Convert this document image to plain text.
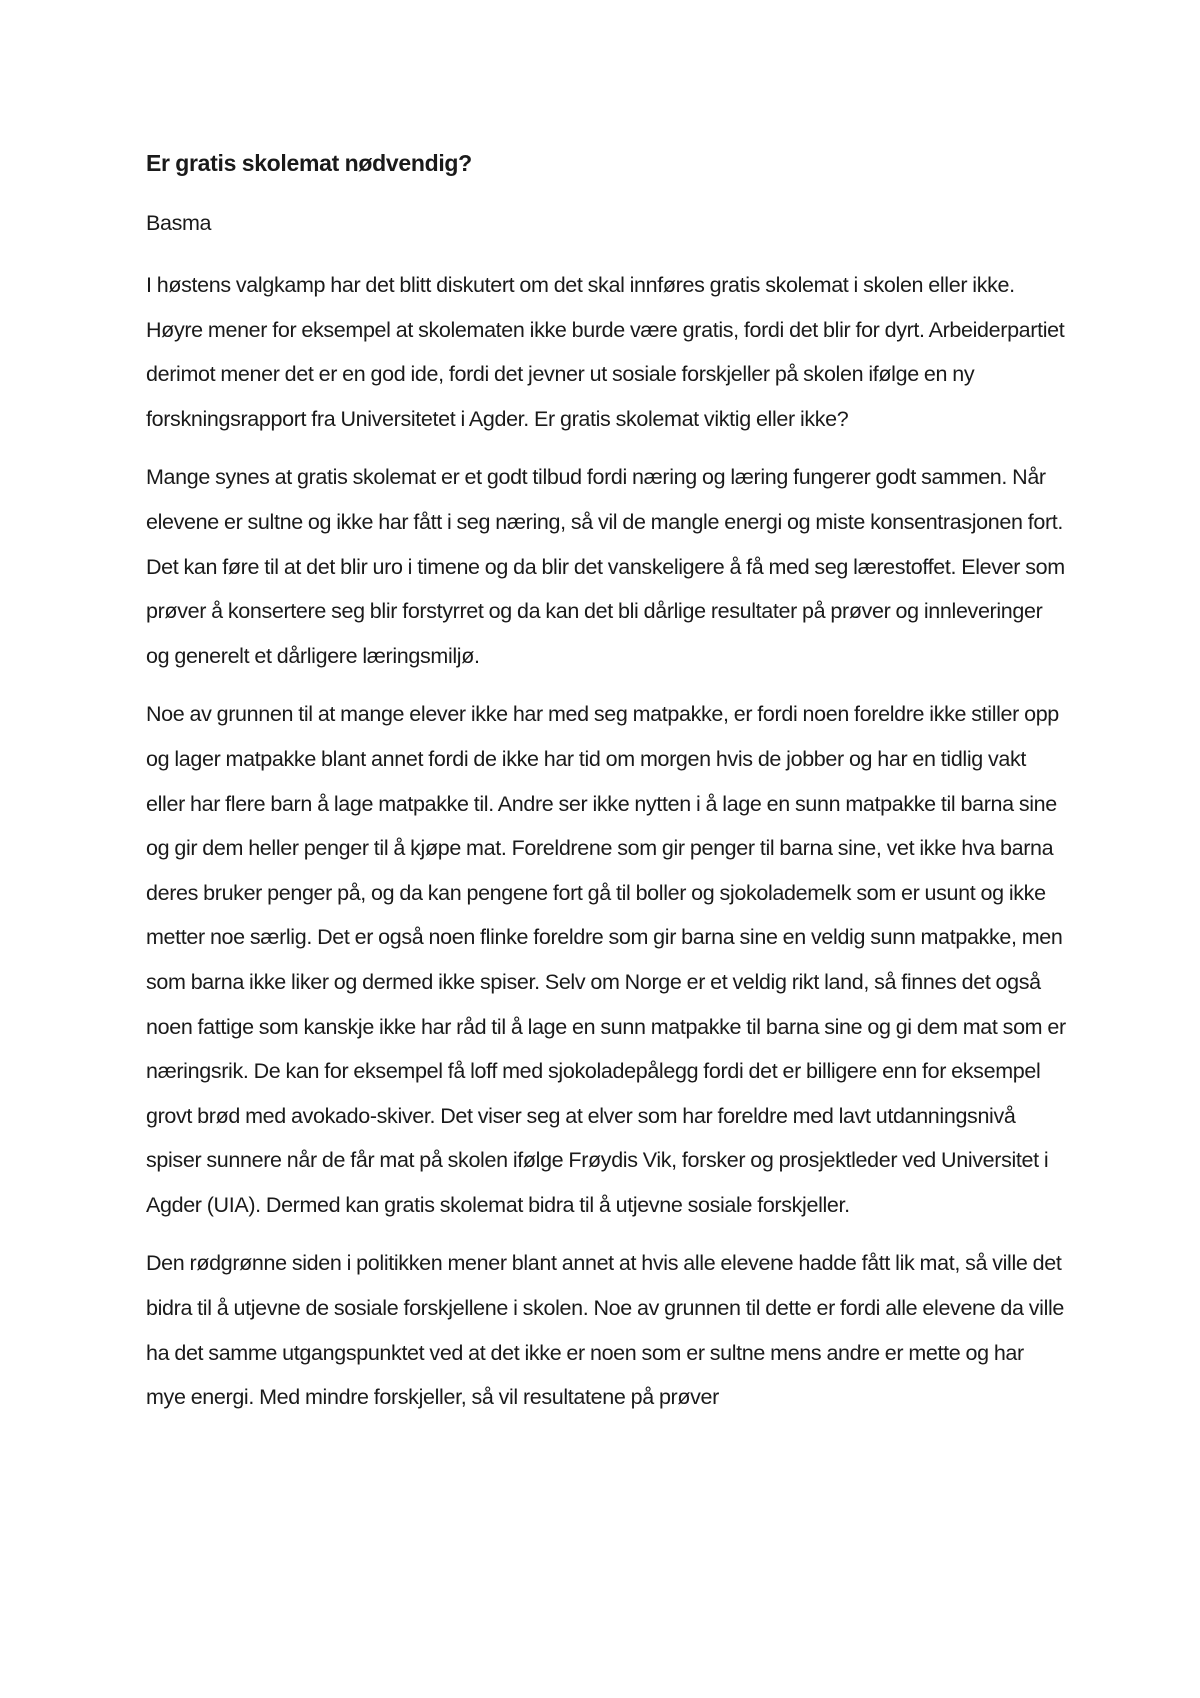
Er gratis skolemat nødvendig?

Basma

I høstens valgkamp har det blitt diskutert om det skal innføres gratis skolemat i skolen eller ikke. Høyre mener for eksempel at skolematen ikke burde være gratis, fordi det blir for dyrt. Arbeiderpartiet derimot mener det er en god ide, fordi det jevner ut sosiale forskjeller på skolen ifølge en ny forskningsrapport fra Universitetet i Agder. Er gratis skolemat viktig eller ikke?

Mange synes at gratis skolemat er et godt tilbud fordi næring og læring fungerer godt sammen. Når elevene er sultne og ikke har fått i seg næring, så vil de mangle energi og miste konsentrasjonen fort. Det kan føre til at det blir uro i timene og da blir det vanskeligere å få med seg lærestoffet. Elever som prøver å konsertere seg blir forstyrret og da kan det bli dårlige resultater på prøver og innleveringer og generelt et dårligere læringsmiljø.

Noe av grunnen til at mange elever ikke har med seg matpakke, er fordi noen foreldre ikke stiller opp og lager matpakke blant annet fordi de ikke har tid om morgen hvis de jobber og har en tidlig vakt eller har flere barn å lage matpakke til. Andre ser ikke nytten i å lage en sunn matpakke til barna sine og gir dem heller penger til å kjøpe mat. Foreldrene som gir penger til barna sine, vet ikke hva barna deres bruker penger på, og da kan pengene fort gå til boller og sjokolademelk som er usunt og ikke metter noe særlig. Det er også noen flinke foreldre som gir barna sine en veldig sunn matpakke, men som barna ikke liker og dermed ikke spiser. Selv om Norge er et veldig rikt land, så finnes det også noen fattige som kanskje ikke har råd til å lage en sunn matpakke til barna sine og gi dem mat som er næringsrik. De kan for eksempel få loff med sjokoladepålegg fordi det er billigere enn for eksempel grovt brød med avokado-skiver. Det viser seg at elver som har foreldre med lavt utdanningsnivå spiser sunnere når de får mat på skolen ifølge Frøydis Vik, forsker og prosjektleder ved Universitet i Agder (UIA). Dermed kan gratis skolemat bidra til å utjevne sosiale forskjeller.

Den rødgrønne siden i politikken mener blant annet at hvis alle elevene hadde fått lik mat, så ville det bidra til å utjevne de sosiale forskjellene i skolen. Noe av grunnen til dette er fordi alle elevene da ville ha det samme utgangspunktet ved at det ikke er noen som er sultne mens andre er mette og har mye energi. Med mindre forskjeller, så vil resultatene på prøver
